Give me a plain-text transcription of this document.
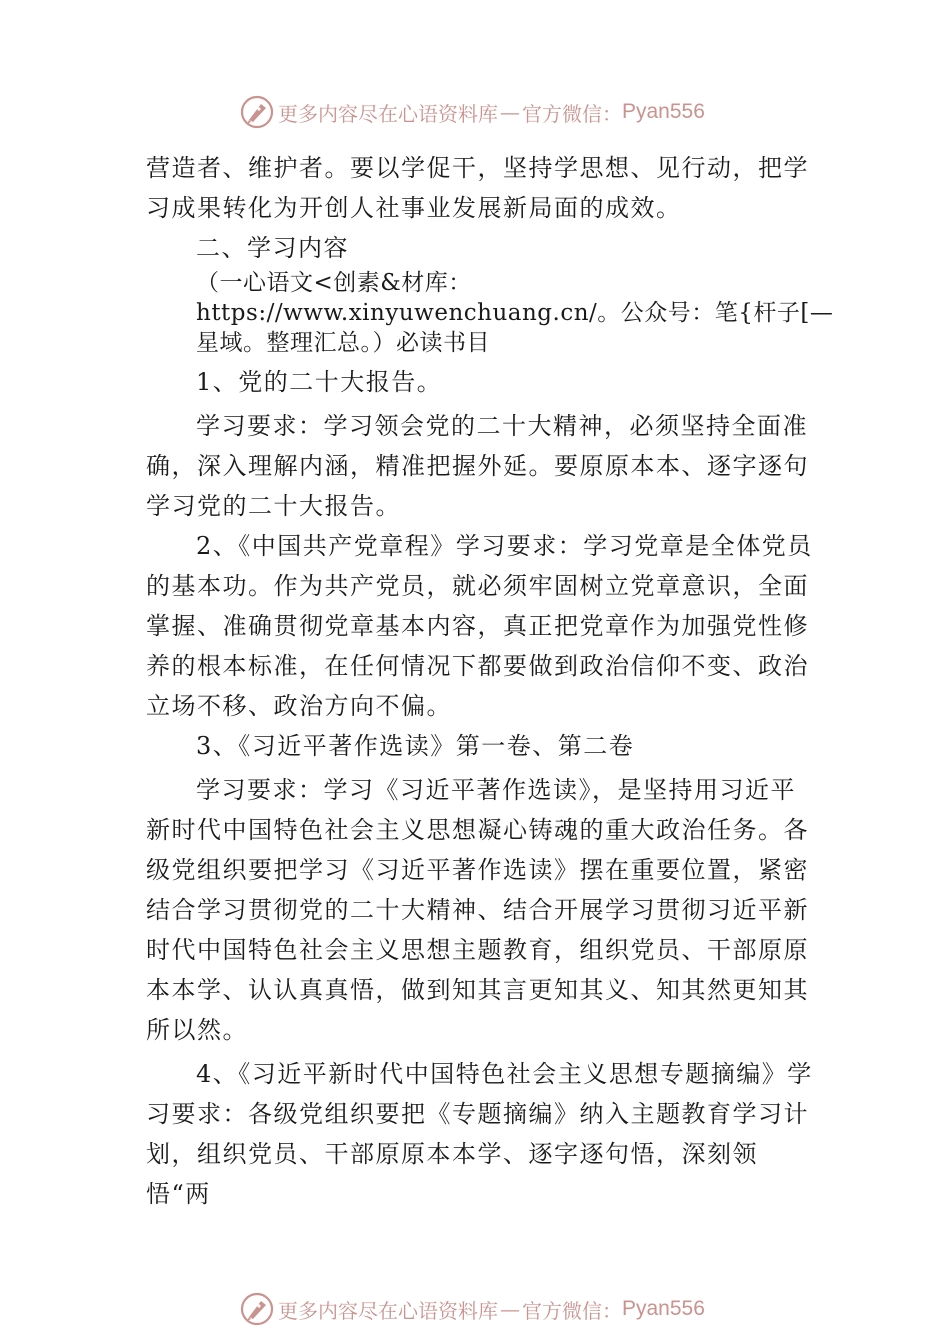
更多内容尽在心语资料库 — 官方微信： Pyan556

营造者、维护者。要以学促干，坚持学思想、见行动，把学习成果转化为开创人社事业发展新局面的成效。

二、学习内容

（一心语文<创素&材库：https://www.xinyuwenchuang.cn/。公众号：笔{杆子[—星域。整理汇总。）必读书目

1、党的二十大报告。

学习要求：学习领会党的二十大精神，必须坚持全面准确，深入理解内涵，精准把握外延。要原原本本、逐字逐句学习党的二十大报告。

2、《中国共产党章程》学习要求：学习党章是全体党员的基本功。作为共产党员，就必须牢固树立党章意识，全面掌握、准确贯彻党章基本内容，真正把党章作为加强党性修养的根本标准，在任何情况下都要做到政治信仰不变、政治立场不移、政治方向不偏。

3、《习近平著作选读》第一卷、第二卷

学习要求：学习《习近平著作选读》，是坚持用习近平新时代中国特色社会主义思想凝心铸魂的重大政治任务。各级党组织要把学习《习近平著作选读》摆在重要位置，紧密结合学习贯彻党的二十大精神、结合开展学习贯彻习近平新时代中国特色社会主义思想主题教育，组织党员、干部原原本本学、认认真真悟，做到知其言更知其义、知其然更知其所以然。

4、《习近平新时代中国特色社会主义思想专题摘编》学习要求：各级党组织要把《专题摘编》纳入主题教育学习计划，组织党员、干部原原本本学、逐字逐句悟，深刻领悟“两

更多内容尽在心语资料库 — 官方微信： Pyan556
